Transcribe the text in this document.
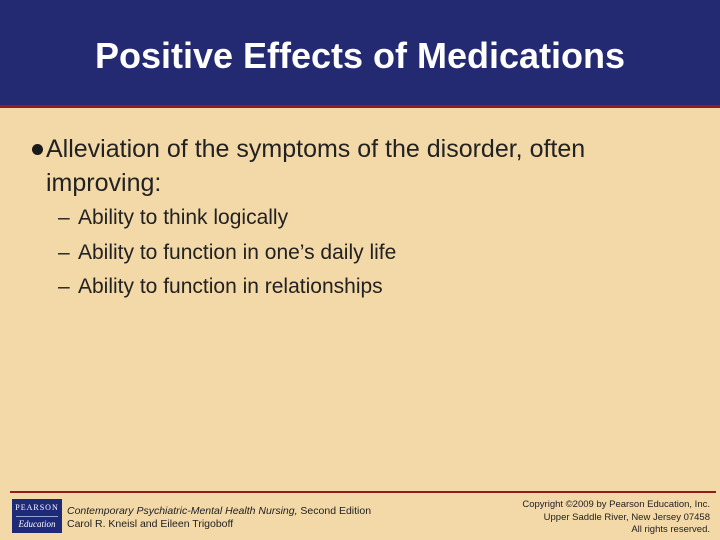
Positive Effects of Medications
Alleviation of the symptoms of the disorder, often improving:
– Ability to think logically
– Ability to function in one’s daily life
– Ability to function in relationships
PEARSON
Education
Contemporary Psychiatric-Mental Health Nursing, Second Edition
Carol R. Kneisl and Eileen Trigoboff
Copyright ©2009 by Pearson Education, Inc.
Upper Saddle River, New Jersey 07458
All rights reserved.
